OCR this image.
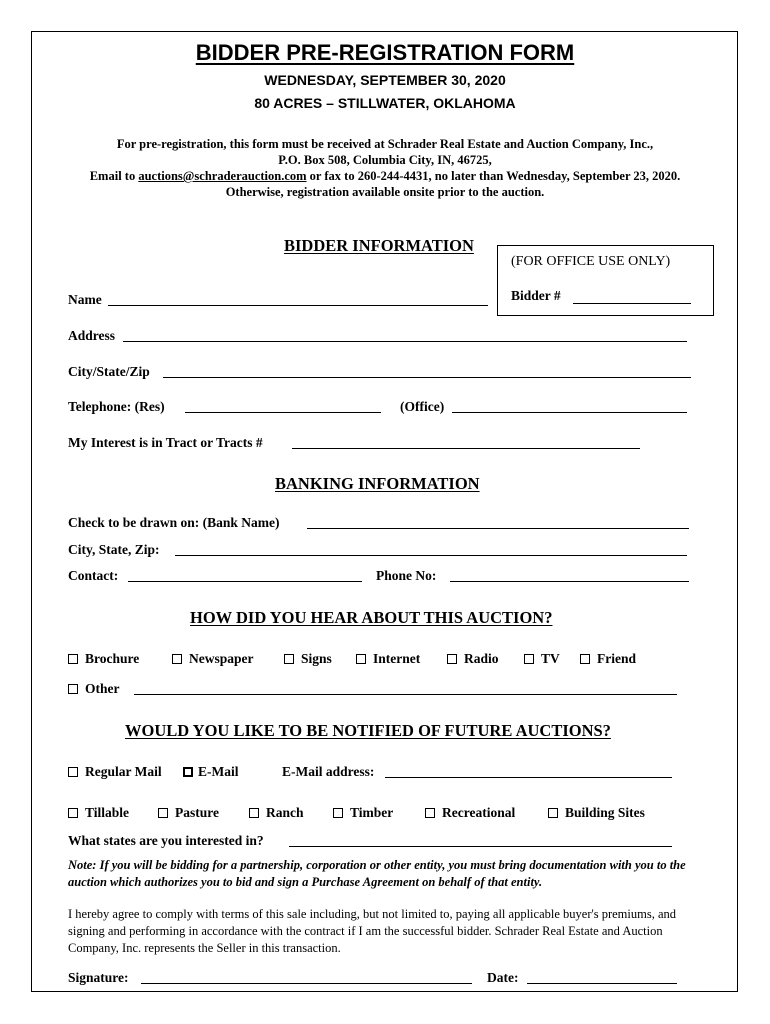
BIDDER PRE-REGISTRATION FORM
WEDNESDAY, SEPTEMBER 30, 2020
80 ACRES – STILLWATER, OKLAHOMA
For pre-registration, this form must be received at Schrader Real Estate and Auction Company, Inc.,
P.O. Box 508, Columbia City, IN, 46725,
Email to auctions@schraderauction.com or fax to 260-244-4431, no later than Wednesday, September 23, 2020.
Otherwise, registration available onsite prior to the auction.
BIDDER INFORMATION
(FOR OFFICE USE ONLY)
Bidder #
Name
Address
City/State/Zip
Telephone: (Res)	(Office)
My Interest is in Tract or Tracts #
BANKING INFORMATION
Check to be drawn on: (Bank Name)
City, State, Zip:
Contact:	Phone No:
HOW DID YOU HEAR ABOUT THIS AUCTION?
Brochure	Newspaper	Signs	Internet	Radio	TV	Friend
Other
WOULD YOU LIKE TO BE NOTIFIED OF FUTURE AUCTIONS?
Regular Mail	E-Mail	E-Mail address:
Tillable	Pasture	Ranch	Timber	Recreational	Building Sites
What states are you interested in?
Note: If you will be bidding for a partnership, corporation or other entity, you must bring documentation with you to the auction which authorizes you to bid and sign a Purchase Agreement on behalf of that entity.
I hereby agree to comply with terms of this sale including, but not limited to, paying all applicable buyer's premiums, and signing and performing in accordance with the contract if I am the successful bidder. Schrader Real Estate and Auction Company, Inc. represents the Seller in this transaction.
Signature:	Date:
